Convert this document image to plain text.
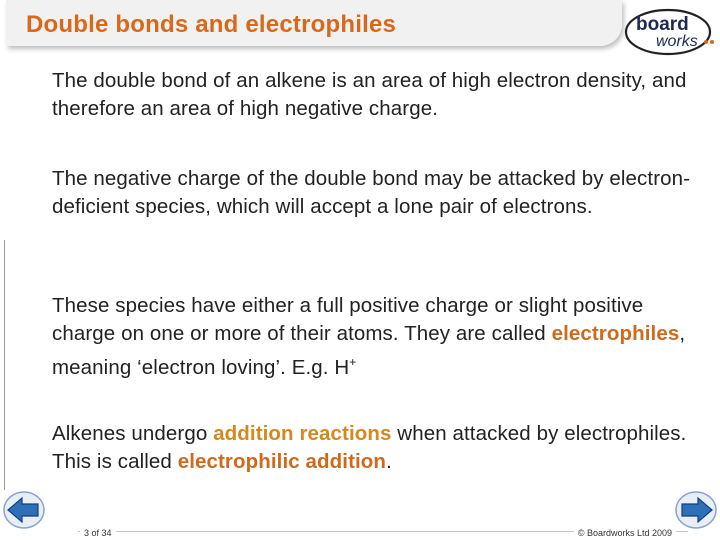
Double bonds and electrophiles	board
works

The double bond of an alkene is an area of high electron density, and therefore an area of high negative charge.

The negative charge of the double bond may be attacked by electron-deficient species, which will accept a lone pair of electrons.

These species have either a full positive charge or slight positive charge on one or more of their atoms. They are called electrophiles, meaning ‘electron loving’. E.g. H+

Alkenes undergo addition reactions when attacked by electrophiles. This is called electrophilic addition.

3 of 34	© Boardworks Ltd 2009
